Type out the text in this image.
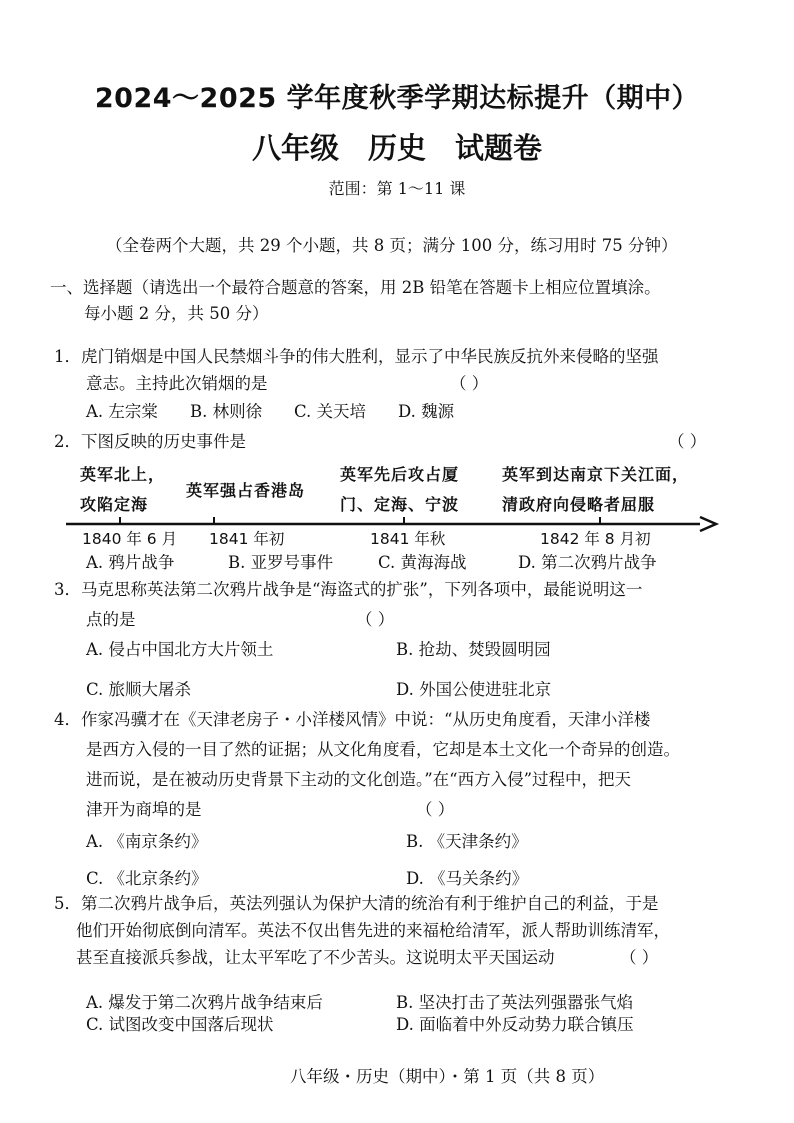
2024～2025 学年度秋季学期达标提升（期中）
八年级　历史　试题卷
范围：第 1～11 课
（全卷两个大题，共 29 个小题，共 8 页；满分 100 分，练习用时 75 分钟）
一、选择题（请选出一个最符合题意的答案，用 2B 铅笔在答题卡上相应位置填涂。
每小题 2 分，共 50 分）
1．虎门销烟是中国人民禁烟斗争的伟大胜利，显示了中华民族反抗外来侵略的坚强
意志。主持此次销烟的是	（ ）
A. 左宗棠 B. 林则徐 C. 关天培 D. 魏源
2．下图反映的历史事件是	（ ）
英军北上，
攻陷定海
英军强占香港岛
英军先后攻占厦
门、定海、宁波
英军到达南京下关江面，
清政府向侵略者屈服
1840 年 6 月 1841 年初	1841 年秋	1842 年 8 月初
A. 鸦片战争	B. 亚罗号事件	C. 黄海海战	D. 第二次鸦片战争
3．马克思称英法第二次鸦片战争是“海盗式的扩张”，下列各项中，最能说明这一
点的是	（ ）
A. 侵占中国北方大片领土	B. 抢劫、焚毁圆明园
C. 旅顺大屠杀	D. 外国公使进驻北京
4．作家冯骥才在《天津老房子・小洋楼风情》中说：“从历史角度看，天津小洋楼
是西方入侵的一目了然的证据；从文化角度看，它却是本土文化一个奇异的创造。
进而说，是在被动历史背景下主动的文化创造。”在“西方入侵”过程中，把天
津开为商埠的是	（ ）
A. 《南京条约》	B. 《天津条约》
C. 《北京条约》	D. 《马关条约》
5．第二次鸦片战争后，英法列强认为保护大清的统治有利于维护自己的利益，于是
他们开始彻底倒向清军。英法不仅出售先进的来福枪给清军，派人帮助训练清军，
甚至直接派兵参战，让太平军吃了不少苦头。这说明太平天国运动	（ ）
A. 爆发于第二次鸦片战争结束后	B. 坚决打击了英法列强嚣张气焰
C. 试图改变中国落后现状	D. 面临着中外反动势力联合镇压
八年级・历史（期中）・第 1 页（共 8 页）
